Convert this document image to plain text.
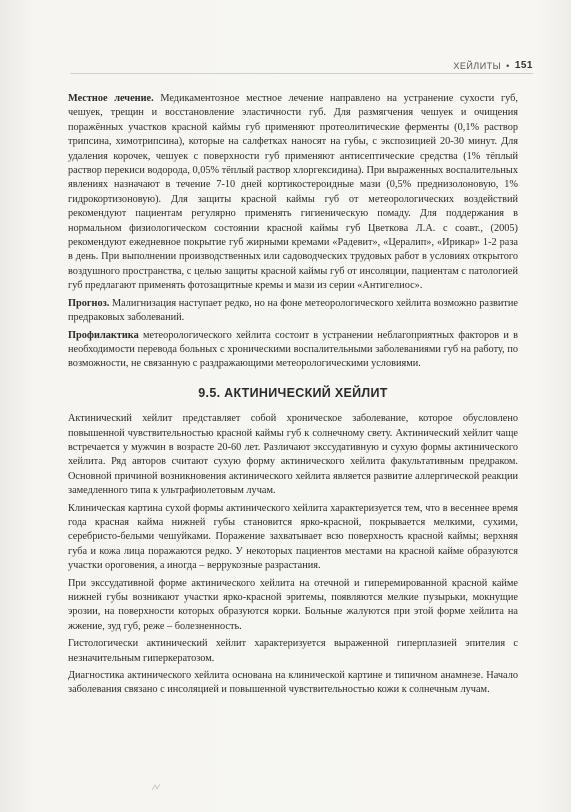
ХЕЙЛИТЫ • 151

Местное лечение. Медикаментозное местное лечение направлено на устранение сухости губ, чешуек, трещин и восстановление эластичности губ. Для размягчения чешуек и очищения поражённых участков красной каймы губ применяют протеолитические ферменты (0,1% раствор трипсина, химотрипсина), которые на салфетках наносят на губы, с экспозицией 20-30 минут. Для удаления корочек, чешуек с поверхности губ применяют антисептические средства (1% тёплый раствор перекиси водорода, 0,05% тёплый раствор хлоргексидина). При выраженных воспалительных явлениях назначают в течение 7-10 дней кортикостероидные мази (0,5% преднизолоновую, 1% гидрокортизоновую). Для защиты красной каймы губ от метеорологических воздействий рекомендуют пациентам регулярно применять гигиеническую помаду. Для поддержания в нормальном физиологическом состоянии красной каймы губ Цветкова Л.А. с соавт., (2005) рекомендуют ежедневное покрытие губ жирными кремами «Радевит», «Цералип», «Ирикар» 1-2 раза в день. При выполнении производственных или садоводческих трудовых работ в условиях открытого воздушного пространства, с целью защиты красной каймы губ от инсоляции, пациентам с патологией губ предлагают применять фотозащитные кремы и мази из серии «Антигелиос».

Прогноз. Малигнизация наступает редко, но на фоне метеорологического хейлита возможно развитие предраковых заболеваний.

Профилактика метеорологического хейлита состоит в устранении неблагоприятных факторов и в необходимости перевода больных с хроническими воспалительными заболеваниями губ на работу, по возможности, не связанную с раздражающими метеорологическими условиями.

9.5. АКТИНИЧЕСКИЙ ХЕЙЛИТ

Актинический хейлит представляет собой хроническое заболевание, которое обусловлено повышенной чувствительностью красной каймы губ к солнечному свету. Актинический хейлит чаще встречается у мужчин в возрасте 20-60 лет. Различают экссудативную и сухую формы актинического хейлита. Ряд авторов считают сухую форму актинического хейлита факультативным предраком. Основной причиной возникновения актинического хейлита является развитие аллергической реакции замедленного типа к ультрафиолетовым лучам.

Клиническая картина сухой формы актинического хейлита характеризуется тем, что в весеннее время года красная кайма нижней губы становится ярко-красной, покрывается мелкими, сухими, серебристо-белыми чешуйками. Поражение захватывает всю поверхность красной каймы; верхняя губа и кожа лица поражаются редко. У некоторых пациентов местами на красной кайме образуются участки ороговения, а иногда – веррукозные разрастания.

При экссудативной форме актинического хейлита на отечной и гиперемированной красной кайме нижней губы возникают участки ярко-красной эритемы, появляются мелкие пузырьки, мокнущие эрозии, на поверхности которых образуются корки. Больные жалуются при этой форме хейлита на жжение, зуд губ, реже – болезненность.

Гистологически актинический хейлит характеризуется выраженной гиперплазией эпителия с незначительным гиперкератозом.

Диагностика актинического хейлита основана на клинической картине и типичном анамнезе. Начало заболевания связано с инсоляцией и повышенной чувствительностью кожи к солнечным лучам.
